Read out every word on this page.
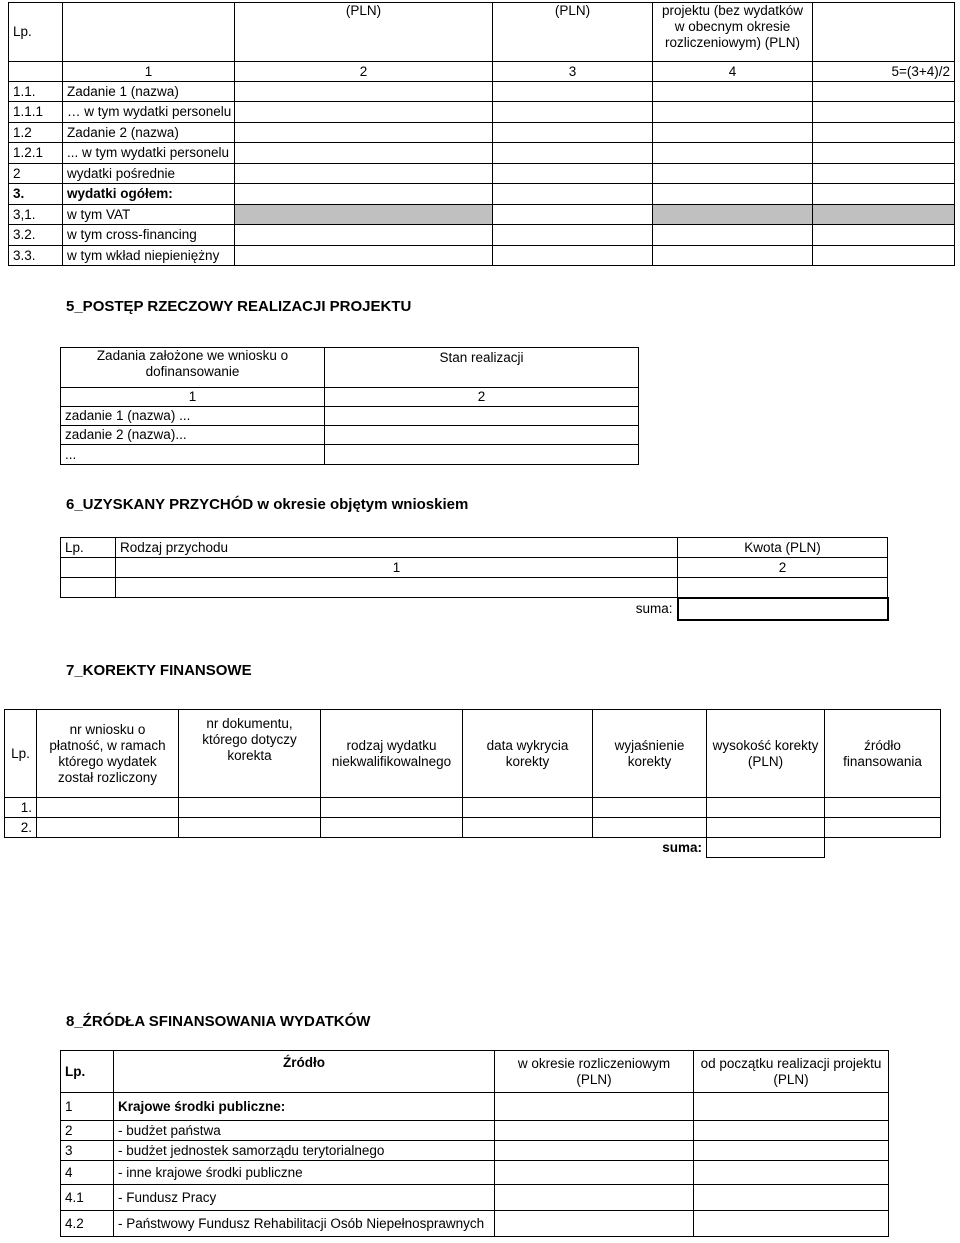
Lp.		(PLN)	(PLN)	projektu (bez wydatków w obecnym okresie rozliczeniowym) (PLN)	
	1	2	3	4	5=(3+4)/2
1.1.	Zadanie 1 (nazwa)				
1.1.1	… w tym wydatki personelu				
1.2	Zadanie 2 (nazwa)				
1.2.1	... w tym wydatki personelu				
2	wydatki pośrednie				
3.	wydatki ogółem:				
3,1.	w tym VAT				
3.2.	w tym cross-financing				
3.3.	w tym wkład niepieniężny				
5_POSTĘP RZECZOWY REALIZACJI PROJEKTU
Zadania założone we wniosku o dofinansowanie	Stan realizacji
1	2
zadanie 1 (nazwa) ...	
zadanie 2 (nazwa)...	
...	
6_UZYSKANY PRZYCHÓD w okresie objętym wnioskiem
Lp.	Rodzaj przychodu	Kwota (PLN)
	1	2

	suma:	
7_KOREKTY FINANSOWE
Lp.	nr wniosku o płatność, w ramach którego wydatek został rozliczony	nr dokumentu, którego dotyczy korekta	rodzaj wydatku niekwalifikowalnego	data wykrycia korekty	wyjaśnienie korekty	wysokość korekty (PLN)	źródło finansowania
1.							
2.							
					suma:		
8_ŹRÓDŁA SFINANSOWANIA WYDATKÓW
Lp.	Źródło	w okresie rozliczeniowym (PLN)	od początku realizacji projektu (PLN)
1	Krajowe środki publiczne:		
2	- budżet państwa		
3	- budżet jednostek samorządu terytorialnego		
4	- inne krajowe środki publiczne		
4.1	- Fundusz Pracy		
4.2	- Państwowy Fundusz Rehabilitacji Osób Niepełnosprawnych		
